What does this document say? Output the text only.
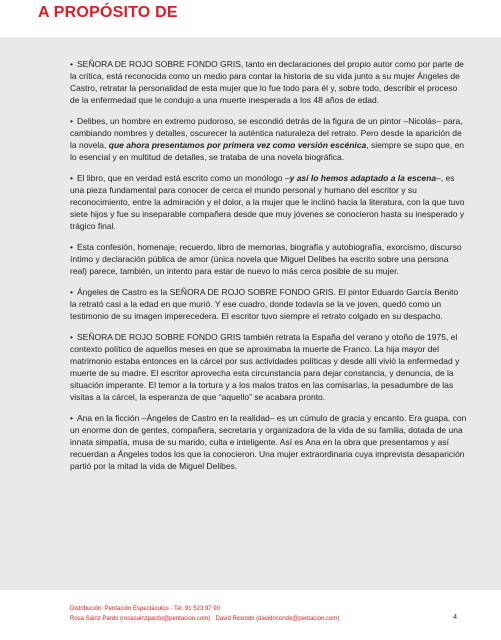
A PROPÓSITO DE

• SEÑORA DE ROJO SOBRE FONDO GRIS, tanto en declaraciones del propio autor como por parte de la crítica, está reconocida como un medio para contar la historia de su vida junto a su mujer Ángeles de Castro, retratar la personalidad de esta mujer que lo fue todo para él y, sobre todo, describir el proceso de la enfermedad que le condujo a una muerte inesperada a los 48 años de edad.

• Delibes, un hombre en extremo pudoroso, se escondió detrás de la figura de un pintor –Nicolás– para, cambiando nombres y detalles, oscurecer la auténtica naturaleza del retrato. Pero desde la aparición de la novela, que ahora presentamos por primera vez como versión escénica, siempre se supo que, en lo esencial y en multitud de detalles, se trataba de una novela biográfica.

• El libro, que en verdad está escrito como un monólogo –y así lo hemos adaptado a la escena–, es una pieza fundamental para conocer de cerca el mundo personal y humano del escritor y su reconocimiento, entre la admiración y el dolor, a la mujer que le inclinó hacia la literatura, con la que tuvo siete hijos y fue su inseparable compañera desde que muy jóvenes se conocieron hasta su inesperado y trágico final.

• Esta confesión, homenaje, recuerdo, libro de memorias, biografía y autobiografía, exorcismo, discurso íntimo y declaración pública de amor (única novela que Miguel Delibes ha escrito sobre una persona real) parece, también, un intento para estar de nuevo lo más cerca posible de su mujer.

• Ángeles de Castro es la SEÑORA DE ROJO SOBRE FONDO GRIS. El pintor Eduardo García Benito la retrató casi a la edad en que murió. Y ese cuadro, donde todavía se la ve joven, quedó como un testimonio de su imagen imperecedera. El escritor tuvo siempre el retrato colgado en su despacho.

• SEÑORA DE ROJO SOBRE FONDO GRIS también retrata la España del verano y otoño de 1975, el contexto político de aquellos meses en que se aproximaba la muerte de Franco. La hija mayor del matrimonio estaba entonces en la cárcel por sus actividades políticas y desde allí vivió la enfermedad y muerte de su madre. El escritor aprovecha esta circunstancia para dejar constancia, y denuncia, de la situación imperante. El temor a la tortura y a los malos tratos en las comisarías, la pesadumbre de las visitas a la cárcel, la esperanza de que “aquello” se acabara pronto.

• Ana en la ficción –Ángeles de Castro en la realidad– es un cúmulo de gracia y encanto. Era guapa, con un enorme don de gentes, compañera, secretaria y organizadora de la vida de su familia, dotada de una innata simpatía, musa de su marido, culta e inteligente. Así es Ana en la obra que presentamos y así recuerdan a Ángeles todos los que la conocieron. Una mujer extraordinaria cuya imprevista desaparición partió por la mitad la vida de Miguel Delibes.

Distribución: Pentación Espectáculos · Tel. 91 523 97 90
Rosa Sáinz Pardo (rosasainzpardo@pentacion.com) · David Ricondo (davidricondo@pentacion.com)	4
